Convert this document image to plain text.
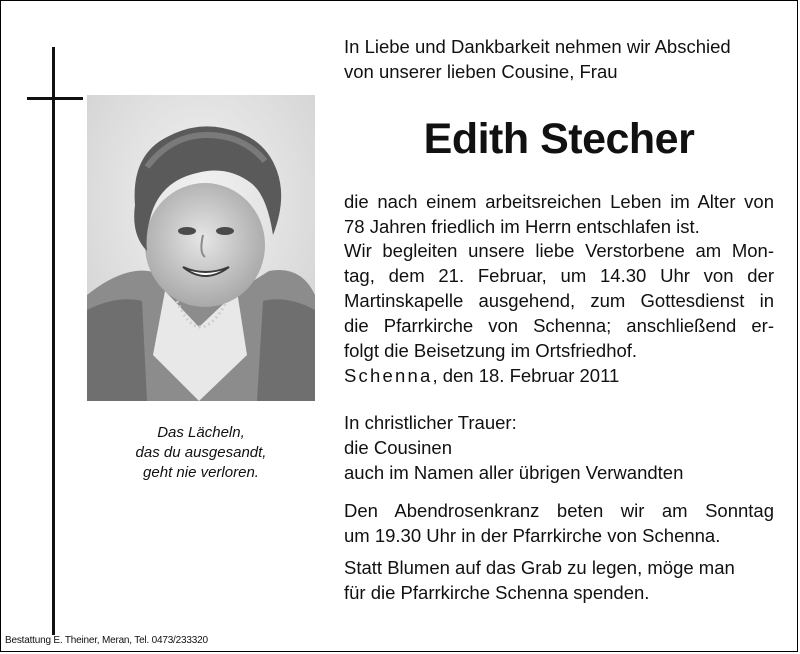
Das Lächeln,
das du ausgesandt,
geht nie verloren.
In Liebe und Dankbarkeit nehmen wir Abschied
von unserer lieben Cousine, Frau
Edith Stecher
die nach einem arbeitsreichen Leben im Alter von
78 Jahren friedlich im Herrn entschlafen ist.
Wir begleiten unsere liebe Verstorbene am Mon-
tag, dem 21. Februar, um 14.30 Uhr von der
Martinskapelle ausgehend, zum Gottesdienst in
die Pfarrkirche von Schenna; anschließend er-
folgt die Beisetzung im Ortsfriedhof.
Schenna, den 18. Februar 2011
In christlicher Trauer:
die Cousinen
auch im Namen aller übrigen Verwandten
Den Abendrosenkranz beten wir am Sonntag
um 19.30 Uhr in der Pfarrkirche von Schenna.
Statt Blumen auf das Grab zu legen, möge man
für die Pfarrkirche Schenna spenden.
Bestattung E. Theiner, Meran, Tel. 0473/233320
